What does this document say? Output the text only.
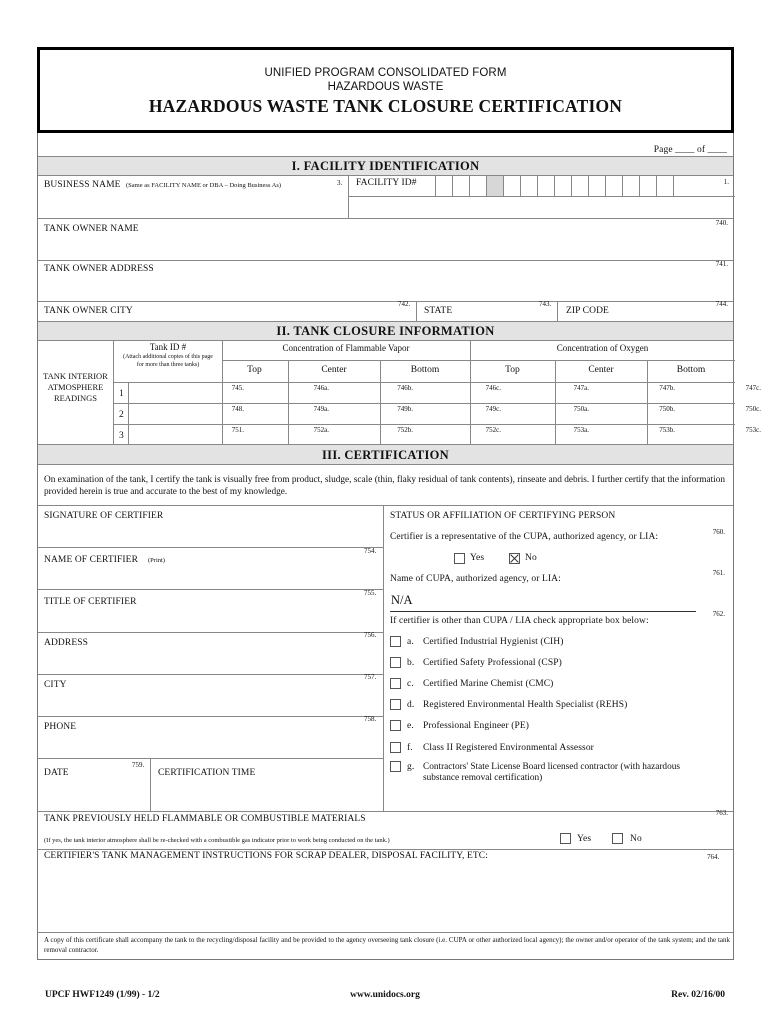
UNIFIED PROGRAM CONSOLIDATED FORM
HAZARDOUS WASTE
HAZARDOUS WASTE TANK CLOSURE CERTIFICATION
Page ____ of ____
I. FACILITY IDENTIFICATION
BUSINESS NAME (Same as FACILITY NAME or DBA – Doing Business As)	3. FACILITY ID#	1.
TANK OWNER NAME
740.
TANK OWNER ADDRESS	741.
TANK OWNER CITY
742.
STATE
743.
ZIP CODE
744.
II. TANK CLOSURE INFORMATION
TANK INTERIOR ATMOSPHERE READINGS
Tank ID #
(Attach additional copies of this page for more than three tanks)
Concentration of Flammable Vapor	Concentration of Oxygen
Top	Center	Bottom	Top	Center	Bottom
1
745.	746a.	746b.	746c.	747a.	747b.	747c.
2
748.	749a.	749b.	749c.	750a.	750b.	750c.
3
751.	752a.	752b.	752c.	753a.	753b.	753c.
III. CERTIFICATION
On examination of the tank, I certify the tank is visually free from product, sludge, scale (thin, flaky residual of tank contents), rinseate and debris. I further certify that the information provided herein is true and accurate to the best of my knowledge.
SIGNATURE OF CERTIFIER
NAME OF CERTIFIER (Print)
754.
TITLE OF CERTIFIER
755.
ADDRESS
756.
CITY
757.
PHONE
758.
DATE
759.
CERTIFICATION TIME
STATUS OR AFFILIATION OF CERTIFYING PERSON
760.
Certifier is a representative of the CUPA, authorized agency, or LIA:
Yes	No
761.
Name of CUPA, authorized agency, or LIA:
N/A
762.
If certifier is other than CUPA / LIA check appropriate box below:
a. Certified Industrial Hygienist (CIH)
b. Certified Safety Professional (CSP)
c. Certified Marine Chemist (CMC)
d. Registered Environmental Health Specialist (REHS)
e. Professional Engineer (PE)
f. Class II Registered Environmental Assessor
g. Contractors' State License Board licensed contractor (with hazardous substance removal certification)
TANK PREVIOUSLY HELD FLAMMABLE OR COMBUSTIBLE MATERIALS
763.
(If yes, the tank interior atmosphere shall be re-checked with a combustible gas indicator prior to work being conducted on the tank.)	Yes	No
CERTIFIER'S TANK MANAGEMENT INSTRUCTIONS FOR SCRAP DEALER, DISPOSAL FACILITY, ETC:	764.
A copy of this certificate shall accompany the tank to the recycling/disposal facility and be provided to the agency overseeing tank closure (i.e. CUPA or other authorized local agency); the owner and/or operator of the tank system; and the tank removal contractor.
UPCF HWF1249 (1/99) - 1/2	www.unidocs.org	Rev. 02/16/00
